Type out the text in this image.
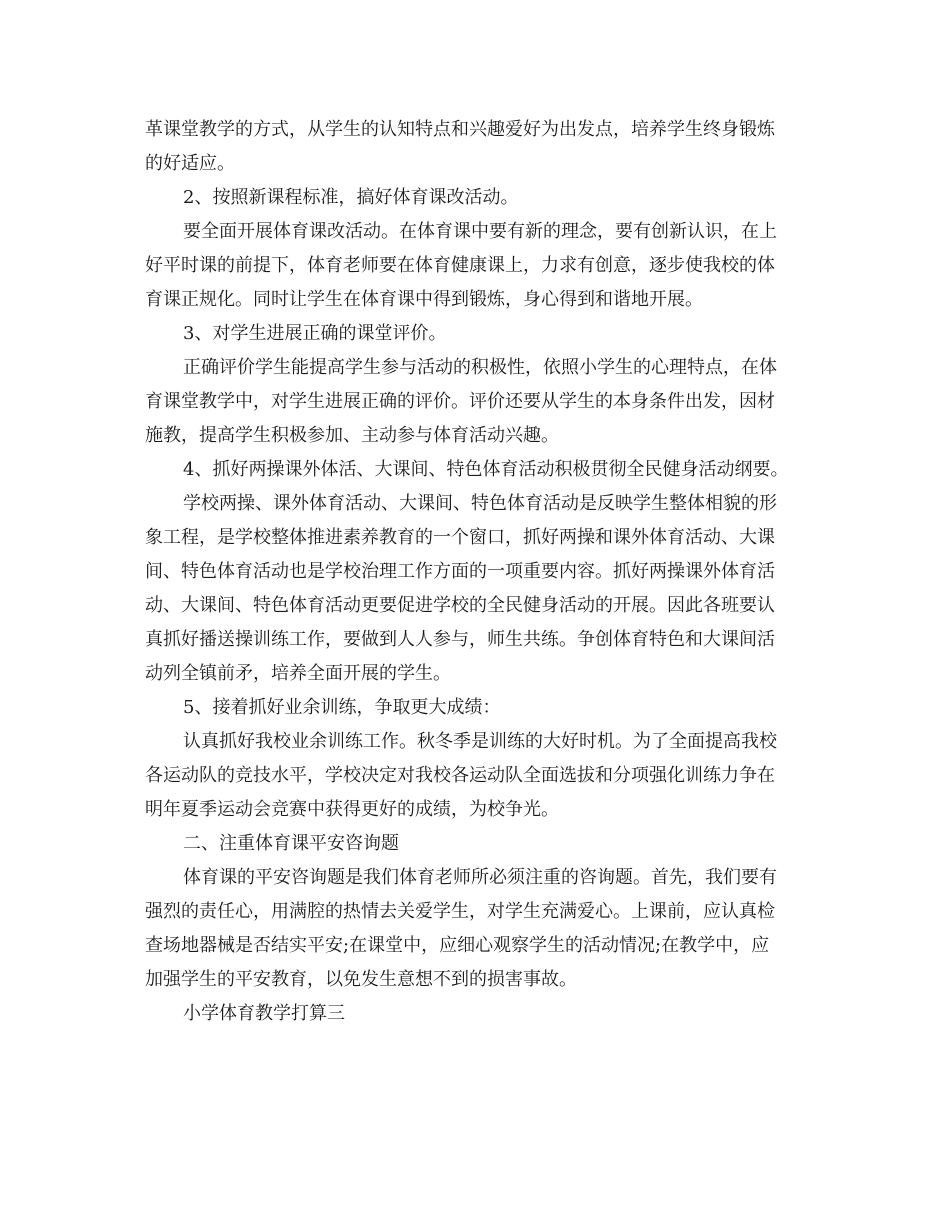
革课堂教学的方式，从学生的认知特点和兴趣爱好为出发点，培养学生终身锻炼
的好适应。
2、按照新课程标准，搞好体育课改活动。
要全面开展体育课改活动。在体育课中要有新的理念，要有创新认识，在上
好平时课的前提下，体育老师要在体育健康课上，力求有创意，逐步使我校的体
育课正规化。同时让学生在体育课中得到锻炼，身心得到和谐地开展。
3、对学生进展正确的课堂评价。
正确评价学生能提高学生参与活动的积极性，依照小学生的心理特点，在体
育课堂教学中，对学生进展正确的评价。评价还要从学生的本身条件出发，因材
施教，提高学生积极参加、主动参与体育活动兴趣。
4、抓好两操课外体活、大课间、特色体育活动积极贯彻全民健身活动纲要。
学校两操、课外体育活动、大课间、特色体育活动是反映学生整体相貌的形
象工程，是学校整体推进素养教育的一个窗口，抓好两操和课外体育活动、大课
间、特色体育活动也是学校治理工作方面的一项重要内容。抓好两操课外体育活
动、大课间、特色体育活动更要促进学校的全民健身活动的开展。因此各班要认
真抓好播送操训练工作，要做到人人参与，师生共练。争创体育特色和大课间活
动列全镇前矛，培养全面开展的学生。
5、接着抓好业余训练，争取更大成绩：
认真抓好我校业余训练工作。秋冬季是训练的大好时机。为了全面提高我校
各运动队的竞技水平，学校决定对我校各运动队全面选拔和分项强化训练力争在
明年夏季运动会竞赛中获得更好的成绩，为校争光。
二、注重体育课平安咨询题
体育课的平安咨询题是我们体育老师所必须注重的咨询题。首先，我们要有
强烈的责任心，用满腔的热情去关爱学生，对学生充满爱心。上课前，应认真检
查场地器械是否结实平安;在课堂中，应细心观察学生的活动情况;在教学中，应
加强学生的平安教育，以免发生意想不到的损害事故。
小学体育教学打算三
